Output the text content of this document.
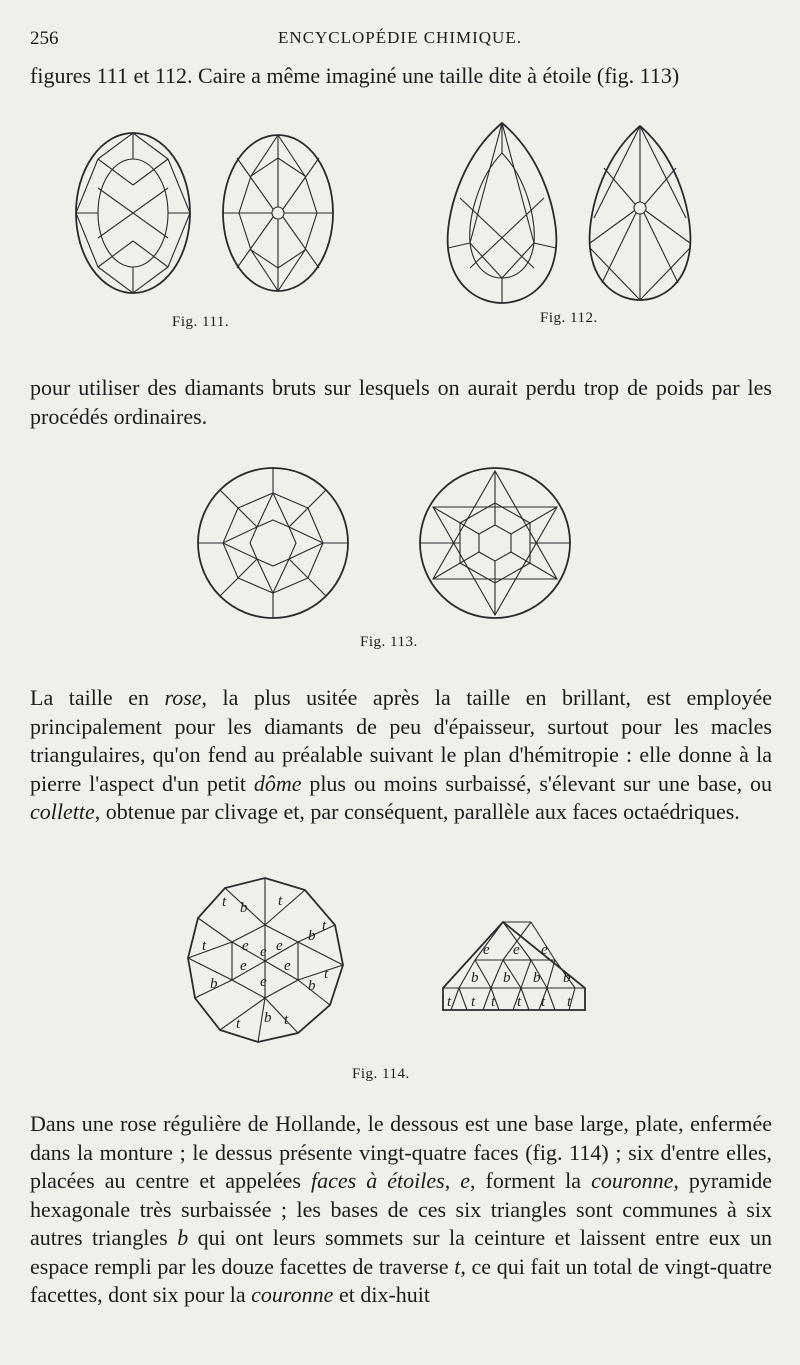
256	ENCYCLOPÉDIE CHIMIQUE.

figures 111 et 112. Caire a même imaginé une taille dite à étoile (fig. 113)

Fig. 111.	Fig. 112.

pour utiliser des diamants bruts sur lesquels on aurait perdu trop de poids par les procédés ordinaires.

Fig. 113.

La taille en rose, la plus usitée après la taille en brillant, est employée principalement pour les diamants de peu d'épaisseur, surtout pour les macles triangulaires, qu'on fend au préalable suivant le plan d'hémitropie : elle donne à la pierre l'aspect d'un petit dôme plus ou moins surbaissé, s'élevant sur une base, ou collette, obtenue par clivage et, par conséquent, parallèle aux faces octaédriques.

e e
e
e
e
e
b
b
b
b
b
t
t
t
t
t
t
t	e e e
b b b b
t t t t t t
Fig. 114.

Dans une rose régulière de Hollande, le dessous est une base large, plate, enfermée dans la monture ; le dessus présente vingt-quatre faces (fig. 114) ; six d'entre elles, placées au centre et appelées faces à étoiles, e, forment la couronne, pyramide hexagonale très surbaissée ; les bases de ces six triangles sont communes à six autres triangles b qui ont leurs sommets sur la ceinture et laissent entre eux un espace rempli par les douze facettes de traverse t, ce qui fait un total de vingt-quatre facettes, dont six pour la couronne et dix-huit
